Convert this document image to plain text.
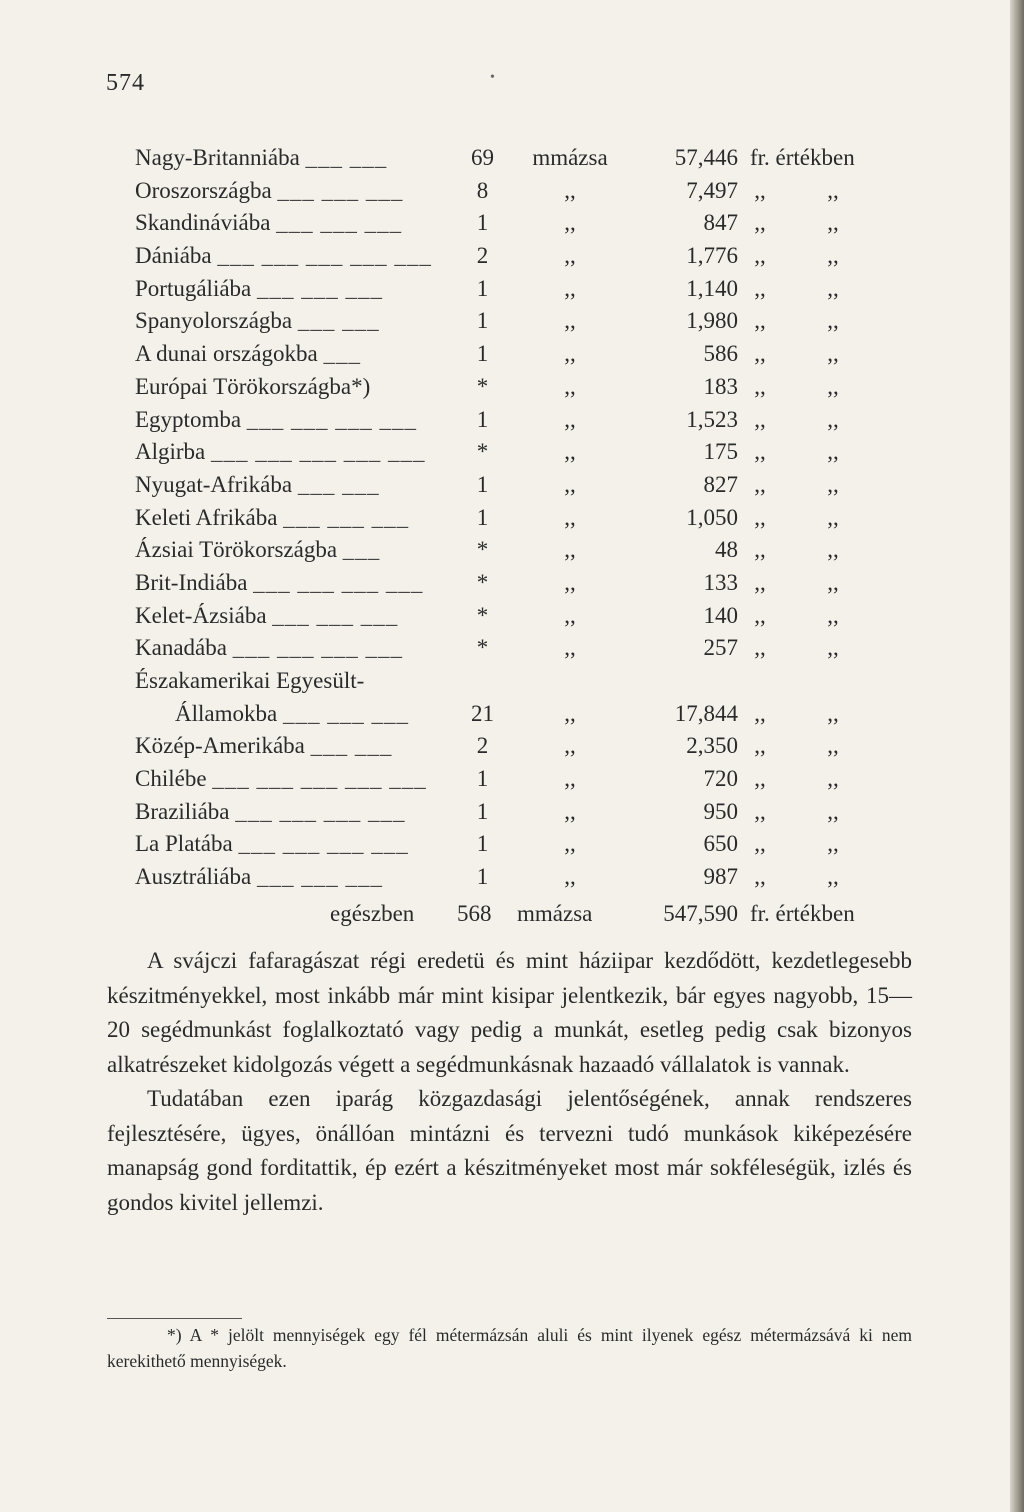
574	•
Nagy-Britanniába ___ ___	69	mmázsa	57,446 fr. értékben
Oroszországba ___ ___ ___	8	,,	7,497 ,,	,,
Skandináviába ___ ___ ___	1	,,	847 ,,	,,
Dániába ___ ___ ___ ___ ___	2	,,	1,776 ,,	,,
Portugáliába ___ ___ ___	1	,,	1,140 ,,	,,
Spanyolországba ___ ___	1	,,	1,980 ,,	,,
A dunai országokba ___	1	,,	586 ,,	,,
Európai Törökországba*)	*	,,	183 ,,	,,
Egyptomba ___ ___ ___ ___	1	,,	1,523 ,,	,,
Algirba ___ ___ ___ ___ ___	*	,,	175 ,,	,,
Nyugat-Afrikába ___ ___	1	,,	827 ,,	,,
Keleti Afrikába ___ ___ ___	1	,,	1,050 ,,	,,
Ázsiai Törökországba ___	*	,,	48 ,,	,,
Brit-Indiába ___ ___ ___ ___	*	,,	133 ,,	,,
Kelet-Ázsiába ___ ___ ___	*	,,	140 ,,	,,
Kanadába ___ ___ ___ ___	*	,,	257 ,,	,,
Északamerikai Egyesült-
Államokba ___ ___ ___	21	,,	17,844 ,,	,,
Közép-Amerikába ___ ___	2	,,	2,350 ,,	,,
Chilébe ___ ___ ___ ___ ___	1	,,	720 ,,	,,
Braziliába ___ ___ ___ ___	1	,,	950 ,,	,,
La Platába ___ ___ ___ ___	1	,,	650 ,,	,,
Ausztráliába ___ ___ ___	1	,,	987 ,,	,,
egészben 568 mmázsa	547,590 fr. értékben

A svájczi fafaragászat régi eredetü és mint háziipar kezdődött, kezdetlegesebb készitményekkel, most inkább már mint kisipar jelentkezik, bár egyes nagyobb, 15—20 segédmunkást foglalkoztató vagy pedig a munkát, esetleg pedig csak bizonyos alkatrészeket kidolgozás végett a segédmunkásnak hazaadó vállalatok is vannak.

Tudatában ezen iparág közgazdasági jelentőségének, annak rendszeres fejlesztésére, ügyes, önállóan mintázni és tervezni tudó munkások kiképezésére manapság gond forditattik, ép ezért a készitményeket most már sokféleségük, izlés és gondos kivitel jellemzi.

*) A * jelölt mennyiségek egy fél métermázsán aluli és mint ilyenek egész métermázsává ki nem kerekithető mennyiségek.
